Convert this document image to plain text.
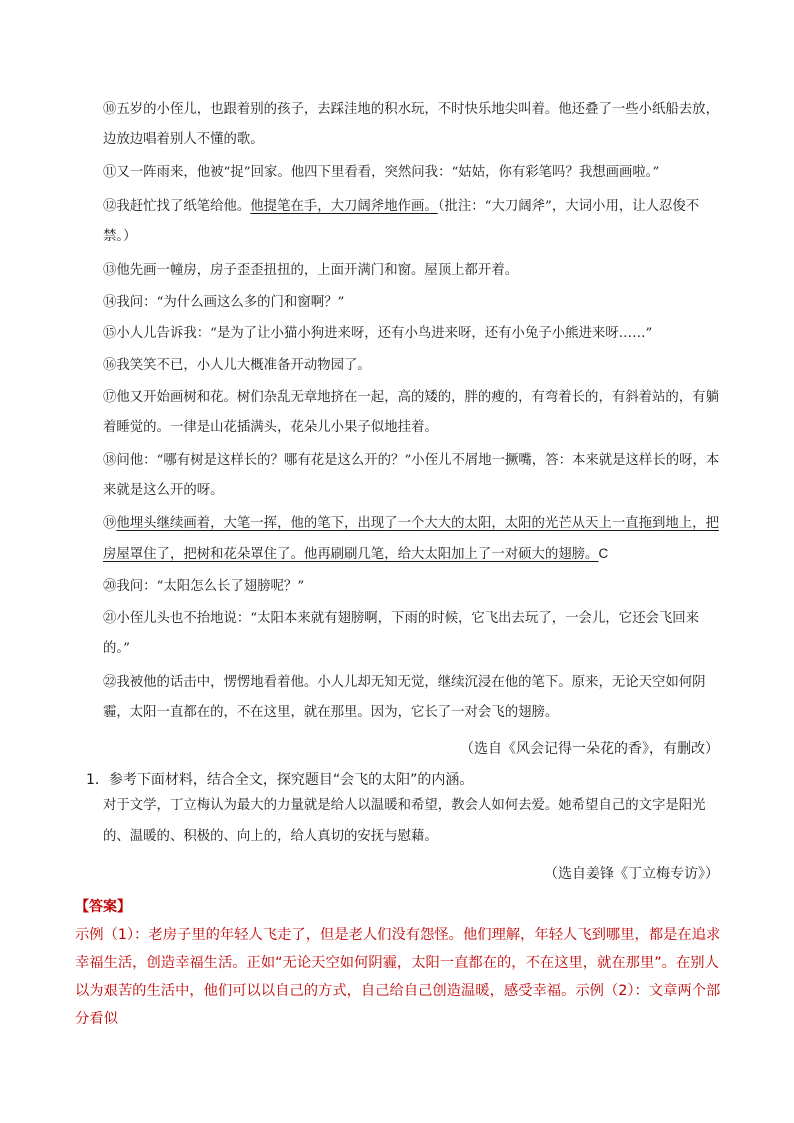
⑩五岁的小侄儿，也跟着别的孩子，去踩洼地的积水玩，不时快乐地尖叫着。他还叠了一些小纸船去放，边放边唱着别人不懂的歌。

⑪又一阵雨来，他被“捉”回家。他四下里看看，突然问我：“姑姑，你有彩笔吗？我想画画啦。”

⑫我赶忙找了纸笔给他。他提笔在手，大刀阔斧地作画。（批注：“大刀阔斧”，大词小用，让人忍俊不禁。）

⑬他先画一幢房，房子歪歪扭扭的，上面开满门和窗。屋顶上都开着。

⑭我问：“为什么画这么多的门和窗啊？”

⑮小人儿告诉我：“是为了让小猫小狗进来呀，还有小鸟进来呀，还有小兔子小熊进来呀……”

⑯我笑笑不已，小人儿大概准备开动物园了。

⑰他又开始画树和花。树们杂乱无章地挤在一起，高的矮的，胖的瘦的，有弯着长的，有斜着站的，有躺着睡觉的。一律是山花插满头，花朵儿小果子似地挂着。

⑱问他：“哪有树是这样长的？哪有花是这么开的？”小侄儿不屑地一撅嘴，答：本来就是这样长的呀，本来就是这么开的呀。

⑲他埋头继续画着，大笔一挥，他的笔下，出现了一个大大的太阳，太阳的光芒从天上一直拖到地上，把房屋罩住了，把树和花朵罩住了。他再刷刷几笔，给大太阳加上了一对硕大的翅膀。C

⑳我问：“太阳怎么长了翅膀呢？”

㉑小侄儿头也不抬地说：“太阳本来就有翅膀啊，下雨的时候，它飞出去玩了，一会儿，它还会飞回来的。”

㉒我被他的话击中，愣愣地看着他。小人儿却无知无觉，继续沉浸在他的笔下。原来，无论天空如何阴霾，太阳一直都在的，不在这里，就在那里。因为，它长了一对会飞的翅膀。

（选自《风会记得一朵花的香》，有删改）
1．参考下面材料，结合全文，探究题目“会飞的太阳”的内涵。

对于文学，丁立梅认为最大的力量就是给人以温暖和希望，教会人如何去爱。她希望自己的文字是阳光的、温暖的、积极的、向上的，给人真切的安抚与慰藉。

（选自姜锋《丁立梅专访》）
【答案】

示例（1）：老房子里的年轻人飞走了，但是老人们没有怨怪。他们理解，年轻人飞到哪里，都是在追求幸福生活，创造幸福生活。正如“无论天空如何阴霾，太阳一直都在的，不在这里，就在那里”。在别人以为艰苦的生活中，他们可以以自己的方式，自己给自己创造温暖，感受幸福。示例（2）：文章两个部分看似
